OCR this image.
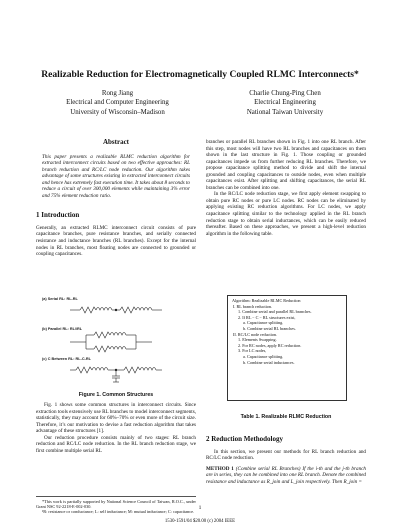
Realizable Reduction for Electromagnetically Coupled RLMC Interconnects*
Rong Jiang
Electrical and Computer Engineering
University of Wisconsin–Madison
Charlie Chung-Ping Chen
Electrical Engineering
National Taiwan University

Abstract

This paper presents a realizable RLMC reduction algorithm for extracted interconnect circuits based on two effective approaches: RL branch reduction and RC/LC node reduction. Our algorithm takes advantage of some structures existing in extracted interconnect circuits and hence has extremely fast execution time. It takes about 8 seconds to reduce a circuit of over 300,000 elements while maintaining 3% error and 75% element reduction ratio.

1 Introduction

Generally, an extracted RLMC interconnect circuit consists of pure capacitance branches, pure resistance branches, and serially connected resistance and inductance branches (RL branches). Except for the internal nodes in RL branches, most floating nodes are connected to grounded or coupling capacitances.

(a) Serial RL: RL-RL
(b) Parallel RL: RL//RL
(c) C Between RL: RL-C-RL
Figure 1. Common Structures

Fig. 1 shows some common structures in interconnect circuits. Since extraction tools extensively use RL branches to model interconnect segments, statistically, they may account for 60%–70% or even more of the circuit size. Therefore, it’s our motivation to devise a fast reduction algorithm that takes advantage of these structures [1].

Our reduction procedure consists mainly of two stages: RL branch reduction and RC/LC node reduction. In the RL branch reduction stage, we first combine multiple serial RL

*This work is partially supported by National Science Council of Taiwan, R.O.C., under Grant NSC 92-2218-E-002-030.
¹R: resistance or conductance; L: self inductance; M: mutual inductance; C: capacitance.

branches or parallel RL branches shown in Fig. 1 into one RL branch. After this step, most nodes will have two RL branches and capacitances on them shown in the last structure in Fig. 1. Those coupling or grounded capacitances impede us from further reducing RL branches. Therefore, we propose capacitance splitting method to divide and shift the internal grounded and coupling capacitances to outside nodes, even when multiple capacitances exist. After splitting and shifting capacitances, the serial RL branches can be combined into one.

In the RC/LC node reduction stage, we first apply element swapping to obtain pure RC nodes or pure LC nodes. RC nodes can be eliminated by applying existing RC reduction algorithms. For LC nodes, we apply capacitance splitting similar to the technology applied in the RL branch reduction stage to obtain serial inductances, which can be easily reduced thereafter. Based on these approaches, we present a high-level reduction algorithm in the following table.

Algorithm: Realizable RLMC Reduction
I. RL branch reduction.
1. Combine serial and parallel RL branches.
2. If RL − C − RL structures exist,
a. Capacitance splitting.
b. Combine serial RL branches.
II. RC/LC node reduction.
1. Elements Swapping.
2. For RC nodes, apply RC reduction.
3. For LC nodes,
a. Capacitance splitting.
b. Combine serial inductances.
Table 1. Realizable RLMC Reduction

2 Reduction Methodology

In this section, we present our methods for RL branch reduction and RC/LC node reduction.

METHOD 1 (Combine serial RL Branches) If the i-th and the j-th branch are in series, they can be combined into one RL branch. Denote the combined resistance and inductance as R_join and L_join respectively. Then R_join =

1
1530-1591/04 $20.00 (c) 2004 IEEE
